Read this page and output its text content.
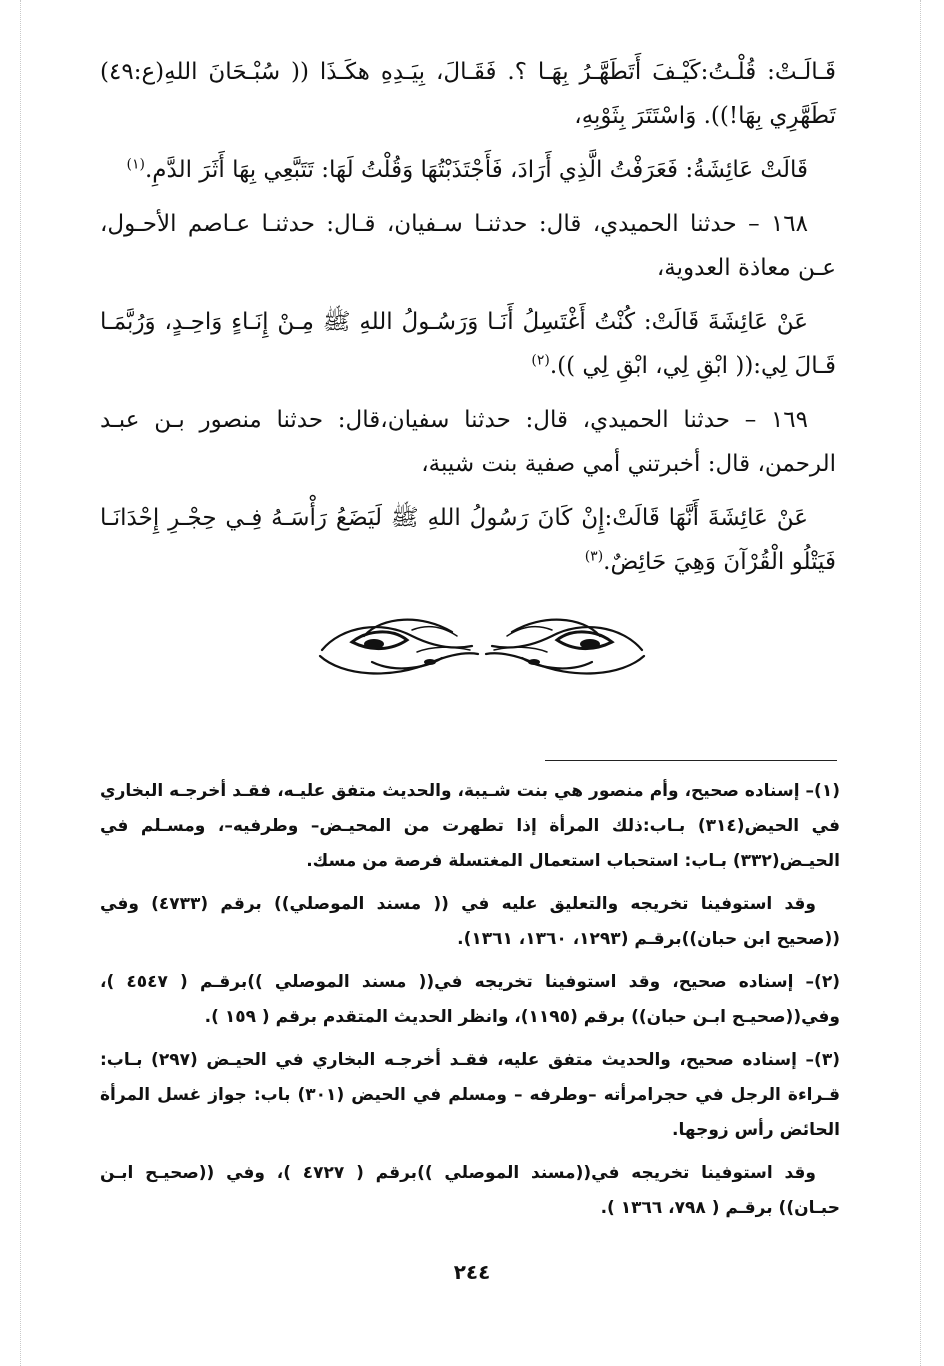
قَـالَـتْ: قُلْـتُ:كَيْـفَ أَتَطَهَّـرُ بِهَـا ؟. فَقَـالَ، بِيَـدِهِ هكَـذَا (( سُبْـحَانَ اللهِ(ع:٤٩) تَطَهَّرِي بِهَا!)). وَاسْتَتَرَ بِثَوْبِهِ،

قَالَتْ عَائِشَةُ: فَعَرَفْتُ الَّذِي أَرَادَ، فَأَجْتَذَبْتُهَا وَقُلْتُ لَهَا: تَتَبَّعِي بِهَا أَثَرَ الدَّمِ.$^{(١)}$

١٦٨ – حدثنا الحميدي، قال: حدثنـا سـفيان، قـال: حدثنـا عـاصم الأحـول، عـن معاذة العدوية،

عَنْ عَائِشَةَ قَالَتْ: كُنْتُ أَغْتَسِلُ أَنَـا وَرَسُـولُ اللهِ ﷺ مِـنْ إِنَـاءٍ وَاحِـدٍ، وَرُبَّمَـا قَـالَ لِي:(( ابْقِ لِي، ابْقِ لِي )).$^{(٢)}$

١٦٩ – حدثنا الحميدي، قال: حدثنا سفيان،قال: حدثنا منصور بـن عبـد الرحمن، قال: أخبرتني أمي صفية بنت شيبة،

عَنْ عَائِشَةَ أَنَّهَا قَالَتْ:إِنْ كَانَ رَسُولُ اللهِ ﷺ لَيَضَعُ رَأْسَـهُ فِـي حِجْـرِ إِحْدَانَـا فَيَتْلُو الْقُرْآنَ وَهِيَ حَائِضٌ.$^{(٣)}$

(١)– إسناده صحيح، وأم منصور هي بنت شـيبة، والحديث متفق عليـه، فقـد أخرجـه البخاري في الحيض(٣١٤) بـاب:ذلك المرأة إذا تطهرت من المحيـض– وطرفيه–، ومسـلم في الحيـض(٣٣٢) بـاب: استحباب استعمال المغتسلة فرصة من مسك.

وقد استوفينا تخريجه والتعليق عليه في (( مسند الموصلي)) برقم (٤٧٣٣) وفي ((صحيح ابن حبان))برقـم (١٢٩٣، ١٣٦٠، ١٣٦١).

(٢)– إسناده صحيح، وقد استوفينا تخريجه في(( مسند الموصلي ))برقـم ( ٤٥٤٧ )، وفي((صحيـح ابـن حبان)) برقم (١١٩٥)، وانظر الحديث المتقدم برقم ( ١٥٩ ).

(٣)– إسناده صحيح، والحديث متفق عليه، فقـد أخرجـه البخاري في الحيـض (٢٩٧) بـاب: قـراءة الرجل في حجرامرأته –وطرفه – ومسلم في الحيض (٣٠١) باب: جواز غسل المرأة الحائض رأس زوجها.

وقد استوفينا تخريجه في((مسند الموصلي ))برقم ( ٤٧٢٧ )، وفي ((صحيـح ابـن حبـان)) برقـم ( ٧٩٨، ١٣٦٦ ).

٢٤٤
